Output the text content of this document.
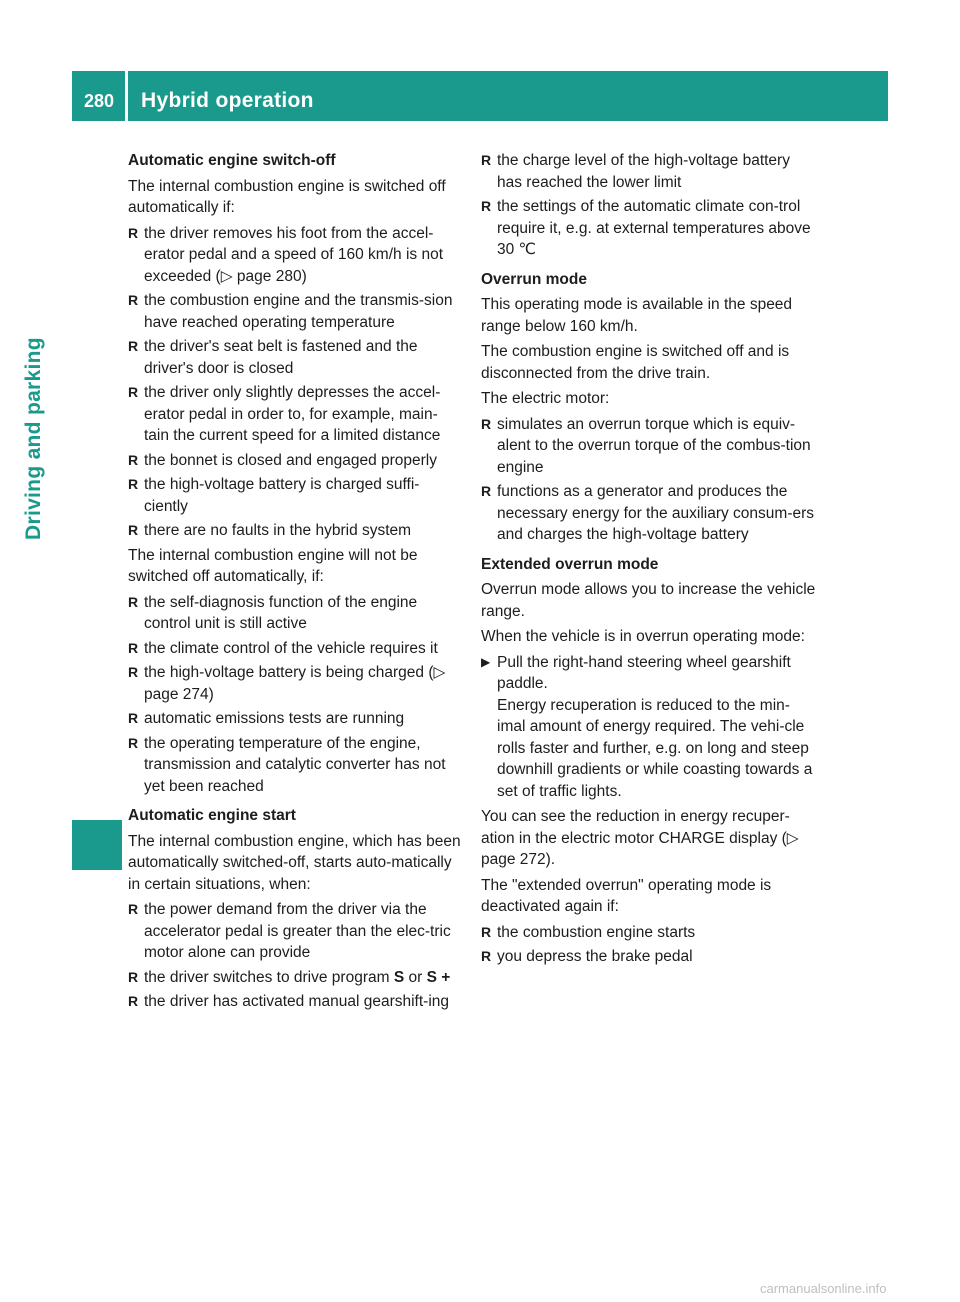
280 Hybrid operation
Driving and parking

Automatic engine switch-off

The internal combustion engine is switched off automatically if:

R the driver removes his foot from the accel-erator pedal and a speed of 160 km/h is not exceeded (▷ page 280)
R the combustion engine and the transmis-sion have reached operating temperature
R the driver's seat belt is fastened and the driver's door is closed
R the driver only slightly depresses the accel-erator pedal in order to, for example, main-tain the current speed for a limited distance
R the bonnet is closed and engaged properly
R the high-voltage battery is charged suffi-ciently
R there are no faults in the hybrid system

The internal combustion engine will not be switched off automatically, if:

R the self-diagnosis function of the engine control unit is still active
R the climate control of the vehicle requires it
R the high-voltage battery is being charged (▷ page 274)
R automatic emissions tests are running
R the operating temperature of the engine, transmission and catalytic converter has not yet been reached

Automatic engine start

The internal combustion engine, which has been automatically switched-off, starts auto-matically in certain situations, when:

R the power demand from the driver via the accelerator pedal is greater than the elec-tric motor alone can provide
R the driver switches to drive program S or S +
R the driver has activated manual gearshift-ing
R the charge level of the high-voltage battery has reached the lower limit
R the settings of the automatic climate con-trol require it, e.g. at external temperatures above 30 ℃

Overrun mode

This operating mode is available in the speed range below 160 km/h.

The combustion engine is switched off and is disconnected from the drive train.

The electric motor:

R simulates an overrun torque which is equiv-alent to the overrun torque of the combus-tion engine
R functions as a generator and produces the necessary energy for the auxiliary consum-ers and charges the high-voltage battery

Extended overrun mode

Overrun mode allows you to increase the vehicle range.

When the vehicle is in overrun operating mode:

▶ Pull the right-hand steering wheel gearshift paddle.
Energy recuperation is reduced to the min-imal amount of energy required. The vehi-cle rolls faster and further, e.g. on long and steep downhill gradients or while coasting towards a set of traffic lights.

You can see the reduction in energy recuper-ation in the electric motor CHARGE display (▷ page 272).

The "extended overrun" operating mode is deactivated again if:

R the combustion engine starts
R you depress the brake pedal
carmanualsonline.info
